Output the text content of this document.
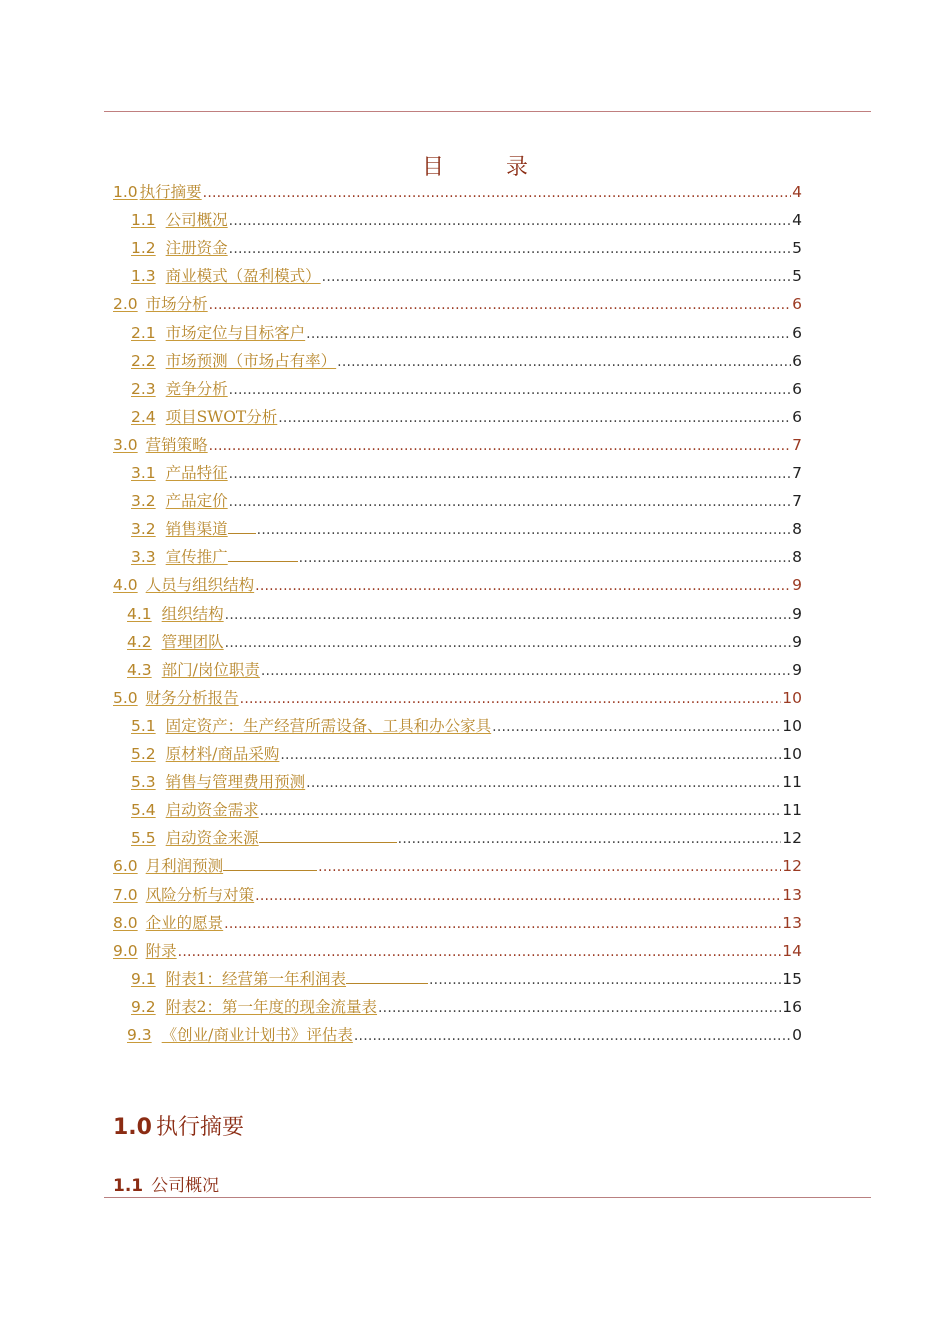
目	录
1.0 执行摘要 .....	4
1.1 公司概况 .....	4
1.2 注册资金 .....	5
1.3 商业模式（盈利模式） .....	5
2.0 市场分析 .....	6
2.1 市场定位与目标客户 .....	6
2.2 市场预测（市场占有率） .....	6
2.3 竞争分析 .....	6
2.4 项目SWOT分析 .....	6
3.0 营销策略 .....	7
3.1 产品特征 .....	7
3.2 产品定价 .....	7
3.2 销售渠道 .....	8
3.3 宣传推广 .....	8
4.0 人员与组织结构 .....	9
4.1 组织结构 .....	9
4.2 管理团队 .....	9
4.3 部门/岗位职责 .....	9
5.0 财务分析报告 .....	10
5.1 固定资产：生产经营所需设备、工具和办公家具 .....	10
5.2 原材料/商品采购 .....	10
5.3 销售与管理费用预测 .....	11
5.4 启动资金需求 .....	11
5.5 启动资金来源 .....	12
6.0 月利润预测 .....	12
7.0 风险分析与对策 .....	13
8.0 企业的愿景 .....	13
9.0 附录 .....	14
9.1 附表1：经营第一年利润表 .....	15
9.2 附表2：第一年度的现金流量表 .....	16
9.3 《创业/商业计划书》评估表 .....	0
1.0 执行摘要
1.1 公司概况
